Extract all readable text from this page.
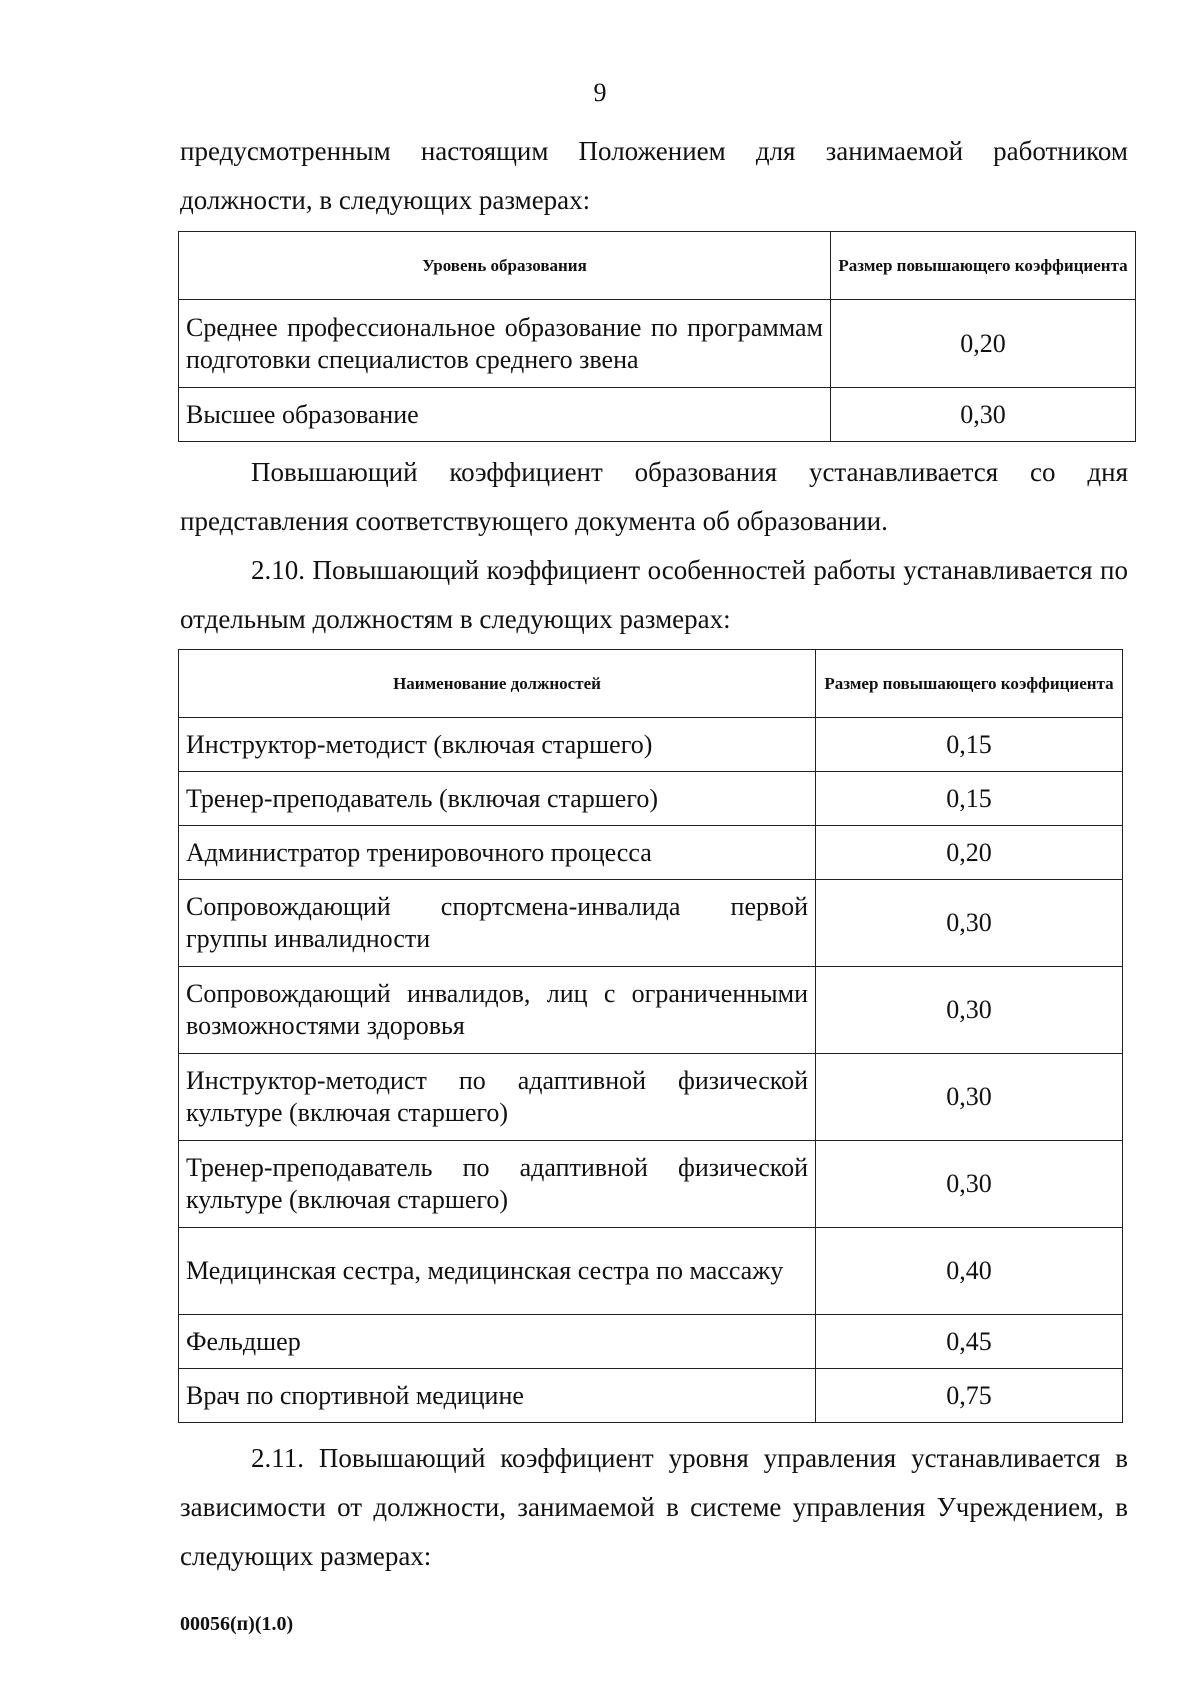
9

предусмотренным настоящим Положением для занимаемой работником должности, в следующих размерах:

Уровень образования	Размер повышающего коэффициента
Среднее профессиональное образование по программам подготовки специалистов среднего звена	0,20
Высшее образование	0,30

Повышающий коэффициент образования устанавливается со дня представления соответствующего документа об образовании.

2.10. Повышающий коэффициент особенностей работы устанавливается по отдельным должностям в следующих размерах:

Наименование должностей	Размер повышающего коэффициента
Инструктор-методист (включая старшего)	0,15
Тренер-преподаватель (включая старшего)	0,15
Администратор тренировочного процесса	0,20
Сопровождающий спортсмена-инвалида первой группы инвалидности	0,30
Сопровождающий инвалидов, лиц с ограниченными возможностями здоровья	0,30
Инструктор-методист по адаптивной физической культуре (включая старшего)	0,30
Тренер-преподаватель по адаптивной физической культуре (включая старшего)	0,30
Медицинская сестра, медицинская сестра по массажу	0,40
Фельдшер	0,45
Врач по спортивной медицине	0,75

2.11. Повышающий коэффициент уровня управления устанавливается в зависимости от должности, занимаемой в системе управления Учреждением, в следующих размерах:

00056(п)(1.0)
